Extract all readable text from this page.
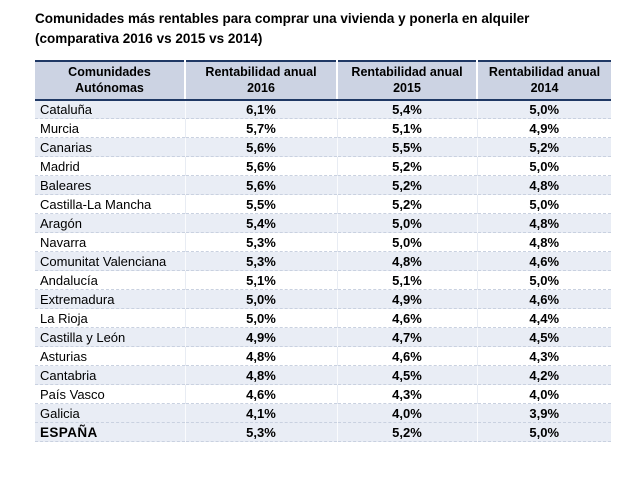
Comunidades más rentables para comprar una vivienda y ponerla en alquiler
(comparativa 2016 vs 2015 vs 2014)
Comunidades Autónomas	Rentabilidad anual 2016	Rentabilidad anual 2015	Rentabilidad anual 2014
Cataluña	6,1%	5,4%	5,0%
Murcia	5,7%	5,1%	4,9%
Canarias	5,6%	5,5%	5,2%
Madrid	5,6%	5,2%	5,0%
Baleares	5,6%	5,2%	4,8%
Castilla-La Mancha	5,5%	5,2%	5,0%
Aragón	5,4%	5,0%	4,8%
Navarra	5,3%	5,0%	4,8%
Comunitat Valenciana	5,3%	4,8%	4,6%
Andalucía	5,1%	5,1%	5,0%
Extremadura	5,0%	4,9%	4,6%
La Rioja	5,0%	4,6%	4,4%
Castilla y León	4,9%	4,7%	4,5%
Asturias	4,8%	4,6%	4,3%
Cantabria	4,8%	4,5%	4,2%
País Vasco	4,6%	4,3%	4,0%
Galicia	4,1%	4,0%	3,9%
ESPAÑA	5,3%	5,2%	5,0%
